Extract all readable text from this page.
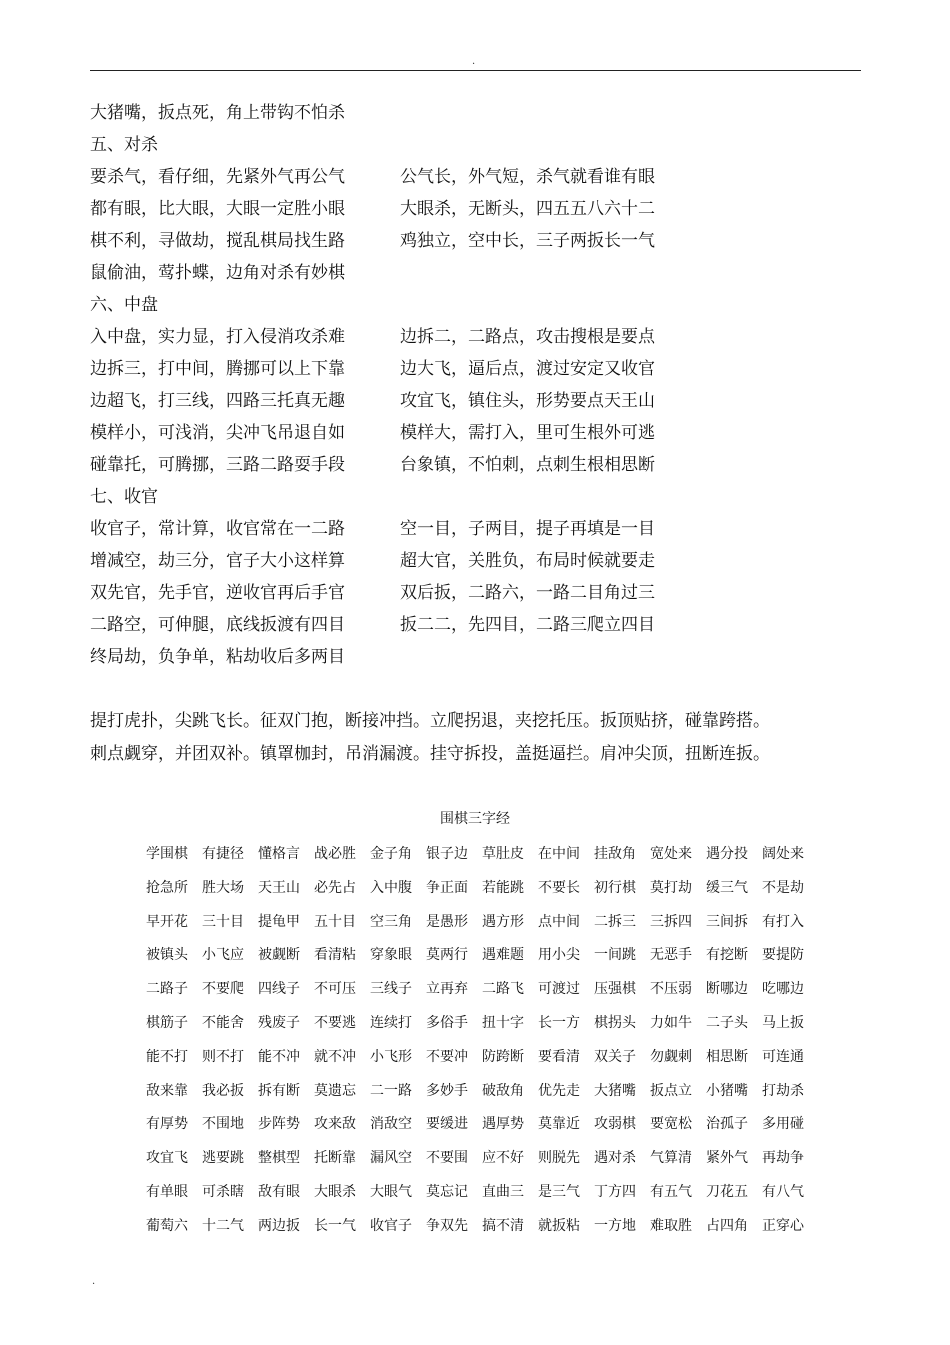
.
大猪嘴，扳点死，角上带钩不怕杀
五、对杀
要杀气，看仔细，先紧外气再公气	公气长，外气短，杀气就看谁有眼
都有眼，比大眼，大眼一定胜小眼	大眼杀，无断头，四五五八六十二
棋不利，寻做劫，搅乱棋局找生路	鸡独立，空中长，三子两扳长一气
鼠偷油，莺扑蝶，边角对杀有妙棋
六、中盘
入中盘，实力显，打入侵消攻杀难	边拆二，二路点，攻击搜根是要点
边拆三，打中间，腾挪可以上下靠	边大飞，逼后点，渡过安定又收官
边超飞，打三线，四路三托真无趣	攻宜飞，镇住头，形势要点天王山
模样小，可浅消，尖冲飞吊退自如	模样大，需打入，里可生根外可逃
碰靠托，可腾挪，三路二路耍手段	台象镇，不怕刺，点刺生根相思断
七、收官
收官子，常计算，收官常在一二路	空一目，子两目，提子再填是一目
增减空，劫三分，官子大小这样算	超大官，关胜负，布局时候就要走
双先官，先手官，逆收官再后手官	双后扳，二路六，一路二目角过三
二路空，可伸腿，底线扳渡有四目	扳二二，先四目，二路三爬立四目
终局劫，负争单，粘劫收后多两目
提打虎扑，尖跳飞长。征双门抱，断接冲挡。立爬拐退，夹挖托压。扳顶贴挤，碰靠跨搭。
刺点觑穿，并团双补。镇罩枷封，吊消漏渡。挂守拆投，盖挺逼拦。肩冲尖顶，扭断连扳。
围棋三字经
学围棋 有捷径 懂格言 战必胜 金子角 银子边 草肚皮 在中间 挂敌角 宽处来 遇分投 阔处来
抢急所 胜大场 天王山 必先占 入中腹 争正面 若能跳 不要长 初行棋 莫打劫 缓三气 不是劫
早开花 三十目 提龟甲 五十目 空三角 是愚形 遇方形 点中间 二拆三 三拆四 三间拆 有打入
被镇头 小飞应 被觑断 看清粘 穿象眼 莫两行 遇难题 用小尖 一间跳 无恶手 有挖断 要提防
二路子 不要爬 四线子 不可压 三线子 立再弃 二路飞 可渡过 压强棋 不压弱 断哪边 吃哪边
棋筋子 不能舍 残废子 不要逃 连续打 多俗手 扭十字 长一方 棋拐头 力如牛 二子头 马上扳
能不打 则不打 能不冲 就不冲 小飞形 不要冲 防跨断 要看清 双关子 勿觑刺 相思断 可连通
敌来靠 我必扳 拆有断 莫遗忘 二一路 多妙手 破敌角 优先走 大猪嘴 扳点立 小猪嘴 打劫杀
有厚势 不围地 步阵势 攻来敌 消敌空 要缓进 遇厚势 莫靠近 攻弱棋 要宽松 治孤子 多用碰
攻宜飞 逃要跳 整棋型 托断靠 漏风空 不要围 应不好 则脱先 遇对杀 气算清 紧外气 再劫争
有单眼 可杀瞎 敌有眼 大眼杀 大眼气 莫忘记 直曲三 是三气 丁方四 有五气 刀花五 有八气
葡萄六 十二气 两边扳 长一气 收官子 争双先 搞不清 就扳粘 一方地 难取胜 占四角 正穿心
.
